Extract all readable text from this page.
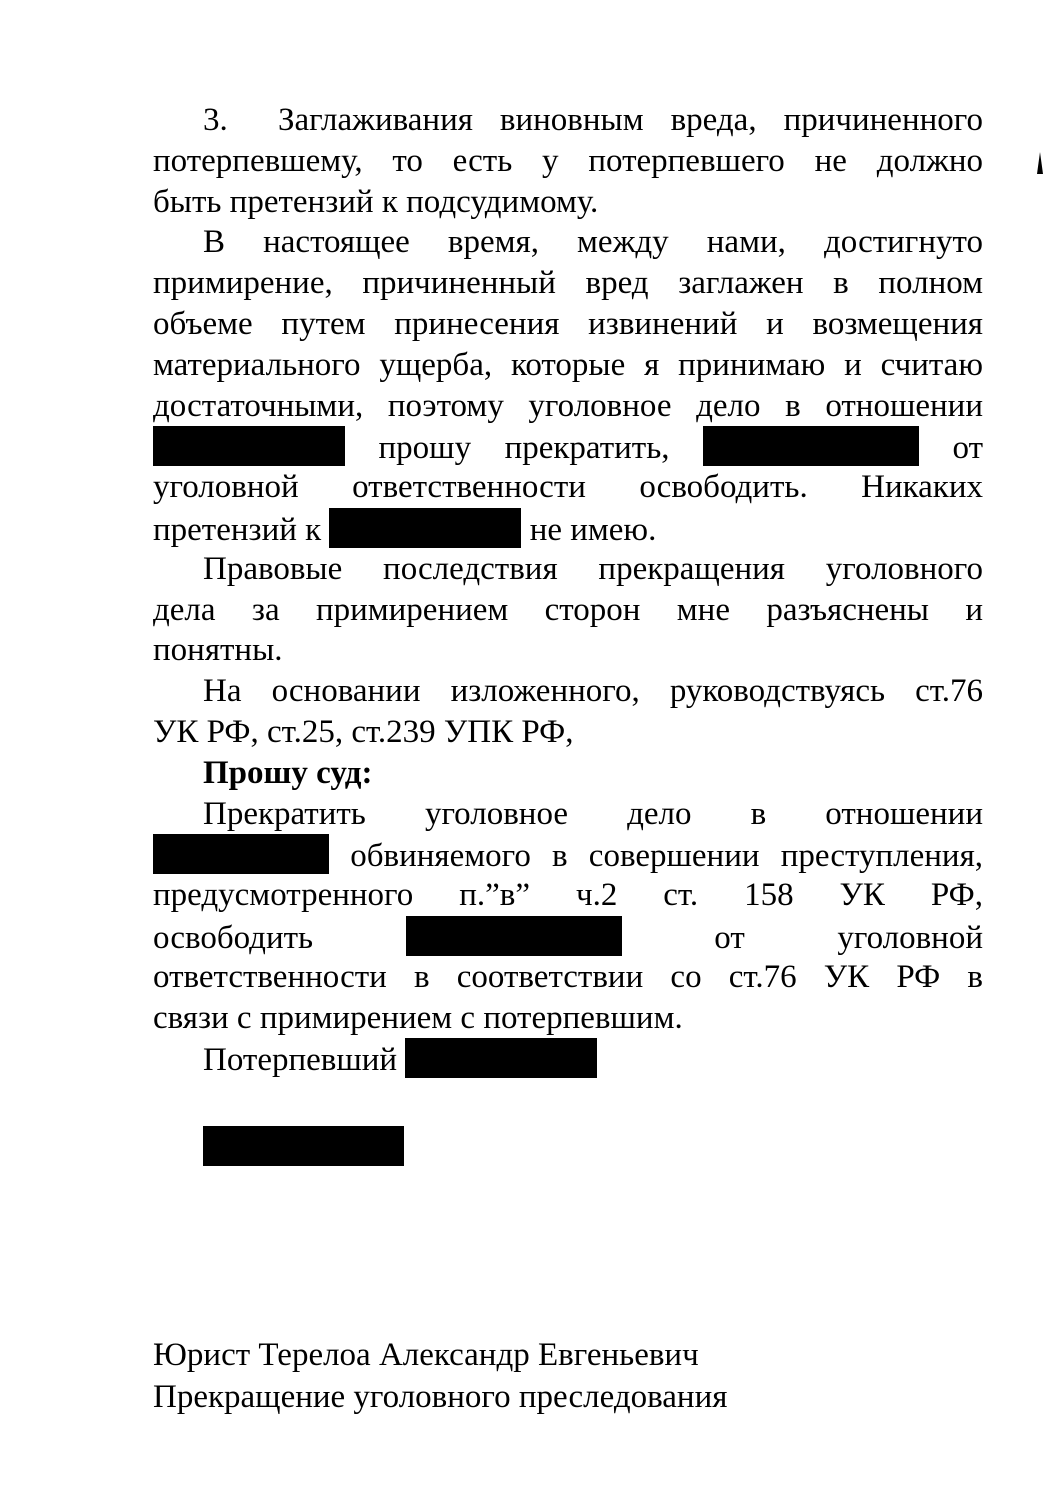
3. Заглаживания виновным вреда, причиненного
потерпевшему, то есть у потерпевшего не должно
быть претензий к подсудимому.
В настоящее время, между нами, достигнуто
примирение, причиненный вред заглажен в полном
объеме путем принесения извинений и возмещения
материального ущерба, которые я принимаю и считаю
достаточными, поэтому уголовное дело в отношении
прошу прекратить,	от
уголовной ответственности освободить. Никаких
претензий к	не имею.
Правовые последствия прекращения уголовного
дела за примирением сторон мне разъяснены и
понятны.
На основании изложенного, руководствуясь ст.76
УК РФ, ст.25, ст.239 УПК РФ,
Прошу суд:
Прекратить уголовное дело в отношении
обвиняемого в совершении преступления,
предусмотренного п.”в” ч.2 ст. 158 УК РФ,
освободить	от уголовной
ответственности в соответствии со ст.76 УК РФ в
связи с примирением с потерпевшим.
Потерпевший
Юрист Терелоа Александр Евгеньевич
Прекращение уголовного преследования
